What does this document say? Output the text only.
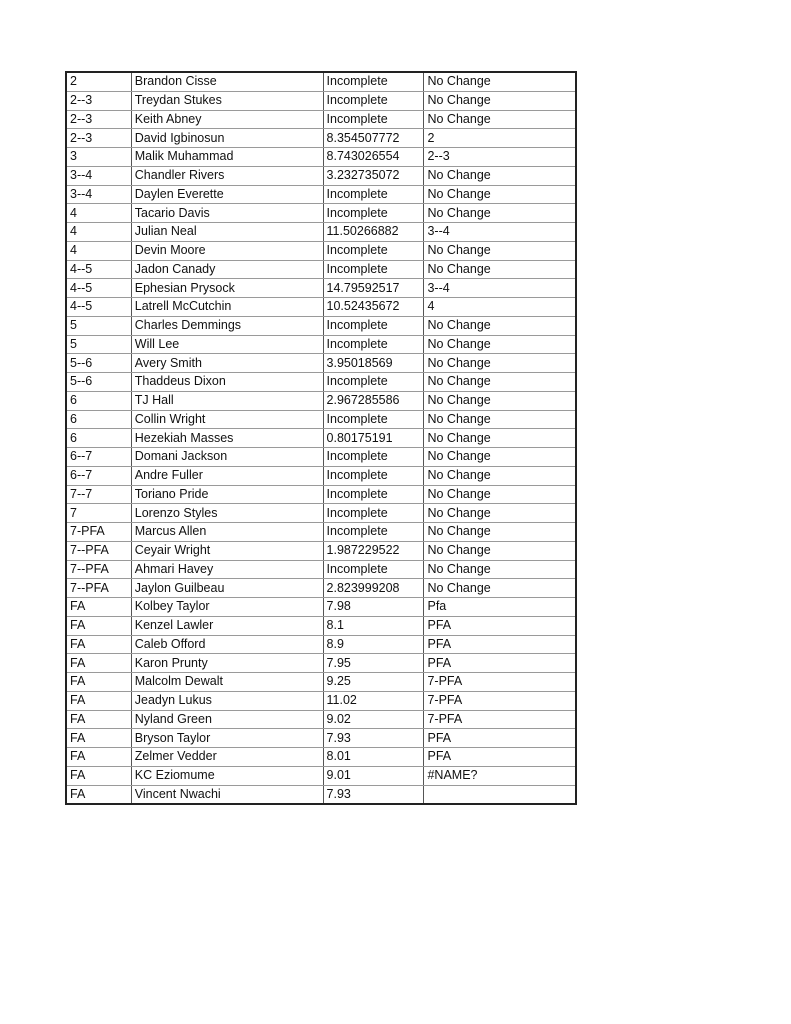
2	Brandon Cisse	Incomplete	No Change
2--3	Treydan Stukes	Incomplete	No Change
2--3	Keith Abney	Incomplete	No Change
2--3	David Igbinosun	8.354507772	2
3	Malik Muhammad	8.743026554	2--3
3--4	Chandler Rivers	3.232735072	No Change
3--4	Daylen Everette	Incomplete	No Change
4	Tacario Davis	Incomplete	No Change
4	Julian Neal	11.50266882	3--4
4	Devin Moore	Incomplete	No Change
4--5	Jadon Canady	Incomplete	No Change
4--5	Ephesian Prysock	14.79592517	3--4
4--5	Latrell McCutchin	10.52435672	4
5	Charles Demmings	Incomplete	No Change
5	Will Lee	Incomplete	No Change
5--6	Avery Smith	3.95018569	No Change
5--6	Thaddeus Dixon	Incomplete	No Change
6	TJ Hall	2.967285586	No Change
6	Collin Wright	Incomplete	No Change
6	Hezekiah Masses	0.80175191	No Change
6--7	Domani Jackson	Incomplete	No Change
6--7	Andre Fuller	Incomplete	No Change
7--7	Toriano Pride	Incomplete	No Change
7	Lorenzo Styles	Incomplete	No Change
7-PFA	Marcus Allen	Incomplete	No Change
7--PFA	Ceyair Wright	1.987229522	No Change
7--PFA	Ahmari Havey	Incomplete	No Change
7--PFA	Jaylon Guilbeau	2.823999208	No Change
FA	Kolbey Taylor	7.98	Pfa
FA	Kenzel Lawler	8.1	PFA
FA	Caleb Offord	8.9	PFA
FA	Karon Prunty	7.95	PFA
FA	Malcolm Dewalt	9.25	7-PFA
FA	Jeadyn Lukus	11.02	7-PFA
FA	Nyland Green	9.02	7-PFA
FA	Bryson Taylor	7.93	PFA
FA	Zelmer Vedder	8.01	PFA
FA	KC Eziomume	9.01	#NAME?
FA	Vincent Nwachi	7.93	
